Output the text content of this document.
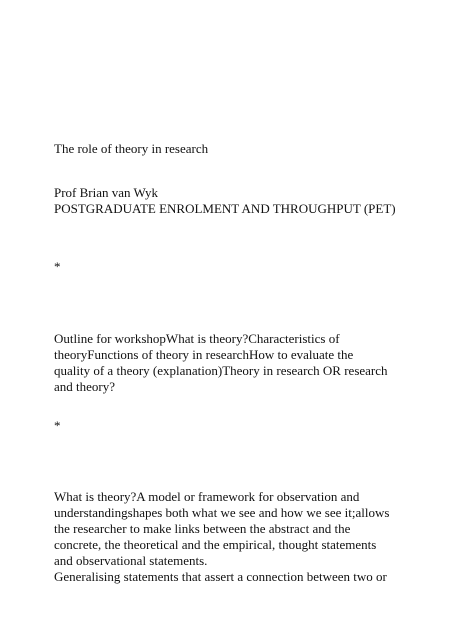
The role of theory in research
Prof Brian van Wyk
POSTGRADUATE ENROLMENT AND THROUGHPUT (PET)
*
Outline for workshopWhat is theory?Characteristics of
theoryFunctions of theory in researchHow to evaluate the
quality of a theory (explanation)Theory in research OR research
and theory?
*
What is theory?A model or framework for observation and
understandingshapes both what we see and how we see it;allows
the researcher to make links between the abstract and the
concrete, the theoretical and the empirical, thought statements
and observational statements.
Generalising statements that assert a connection between two or
